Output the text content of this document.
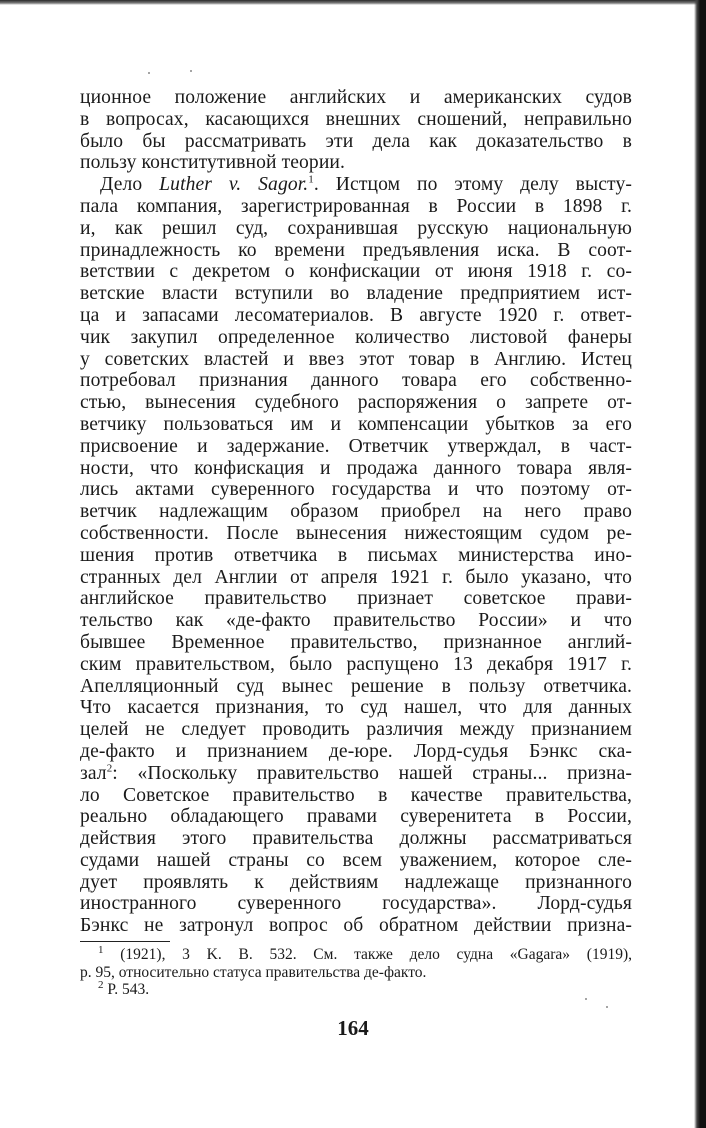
ционное положение английских и американских судов
в вопросах, касающихся внешних сношений, неправильно
было бы рассматривать эти дела как доказательство в
пользу конститутивной теории.
Дело Luther v. Sagor.$^1$. Истцом по этому делу высту-
пала компания, зарегистрированная в России в 1898 г.
и, как решил суд, сохранившая русскую национальную
принадлежность ко времени предъявления иска. В соот-
ветствии с декретом о конфискации от июня 1918 г. со-
ветские власти вступили во владение предприятием ист-
ца и запасами лесоматериалов. В августе 1920 г. ответ-
чик закупил определенное количество листовой фанеры
у советских властей и ввез этот товар в Англию. Истец
потребовал признания данного товара его собственно-
стью, вынесения судебного распоряжения о запрете от-
ветчику пользоваться им и компенсации убытков за его
присвоение и задержание. Ответчик утверждал, в част-
ности, что конфискация и продажа данного товара явля-
лись актами суверенного государства и что поэтому от-
ветчик надлежащим образом приобрел на него право
собственности. После вынесения нижестоящим судом ре-
шения против ответчика в письмах министерства ино-
странных дел Англии от апреля 1921 г. было указано, что
английское правительство признает советское прави-
тельство как «де-факто правительство России» и что
бывшее Временное правительство, признанное англий-
ским правительством, было распущено 13 декабря 1917 г.
Апелляционный суд вынес решение в пользу ответчика.
Что касается признания, то суд нашел, что для данных
целей не следует проводить различия между признанием
де-факто и признанием де-юре. Лорд-судья Бэнкс ска-
зал$^2$: «Поскольку правительство нашей страны... призна-
ло Советское правительство в качестве правительства,
реально обладающего правами суверенитета в России,
действия этого правительства должны рассматриваться
судами нашей страны со всем уважением, которое сле-
дует проявлять к действиям надлежаще признанного
иностранного суверенного государства». Лорд-судья
Бэнкс не затронул вопрос об обратном действии призна-
$^1$ (1921), 3 K. B. 532. См. также дело судна «Gagara» (1919),
p. 95, относительно статуса правительства де-факто.
$^2$ P. 543.
164
